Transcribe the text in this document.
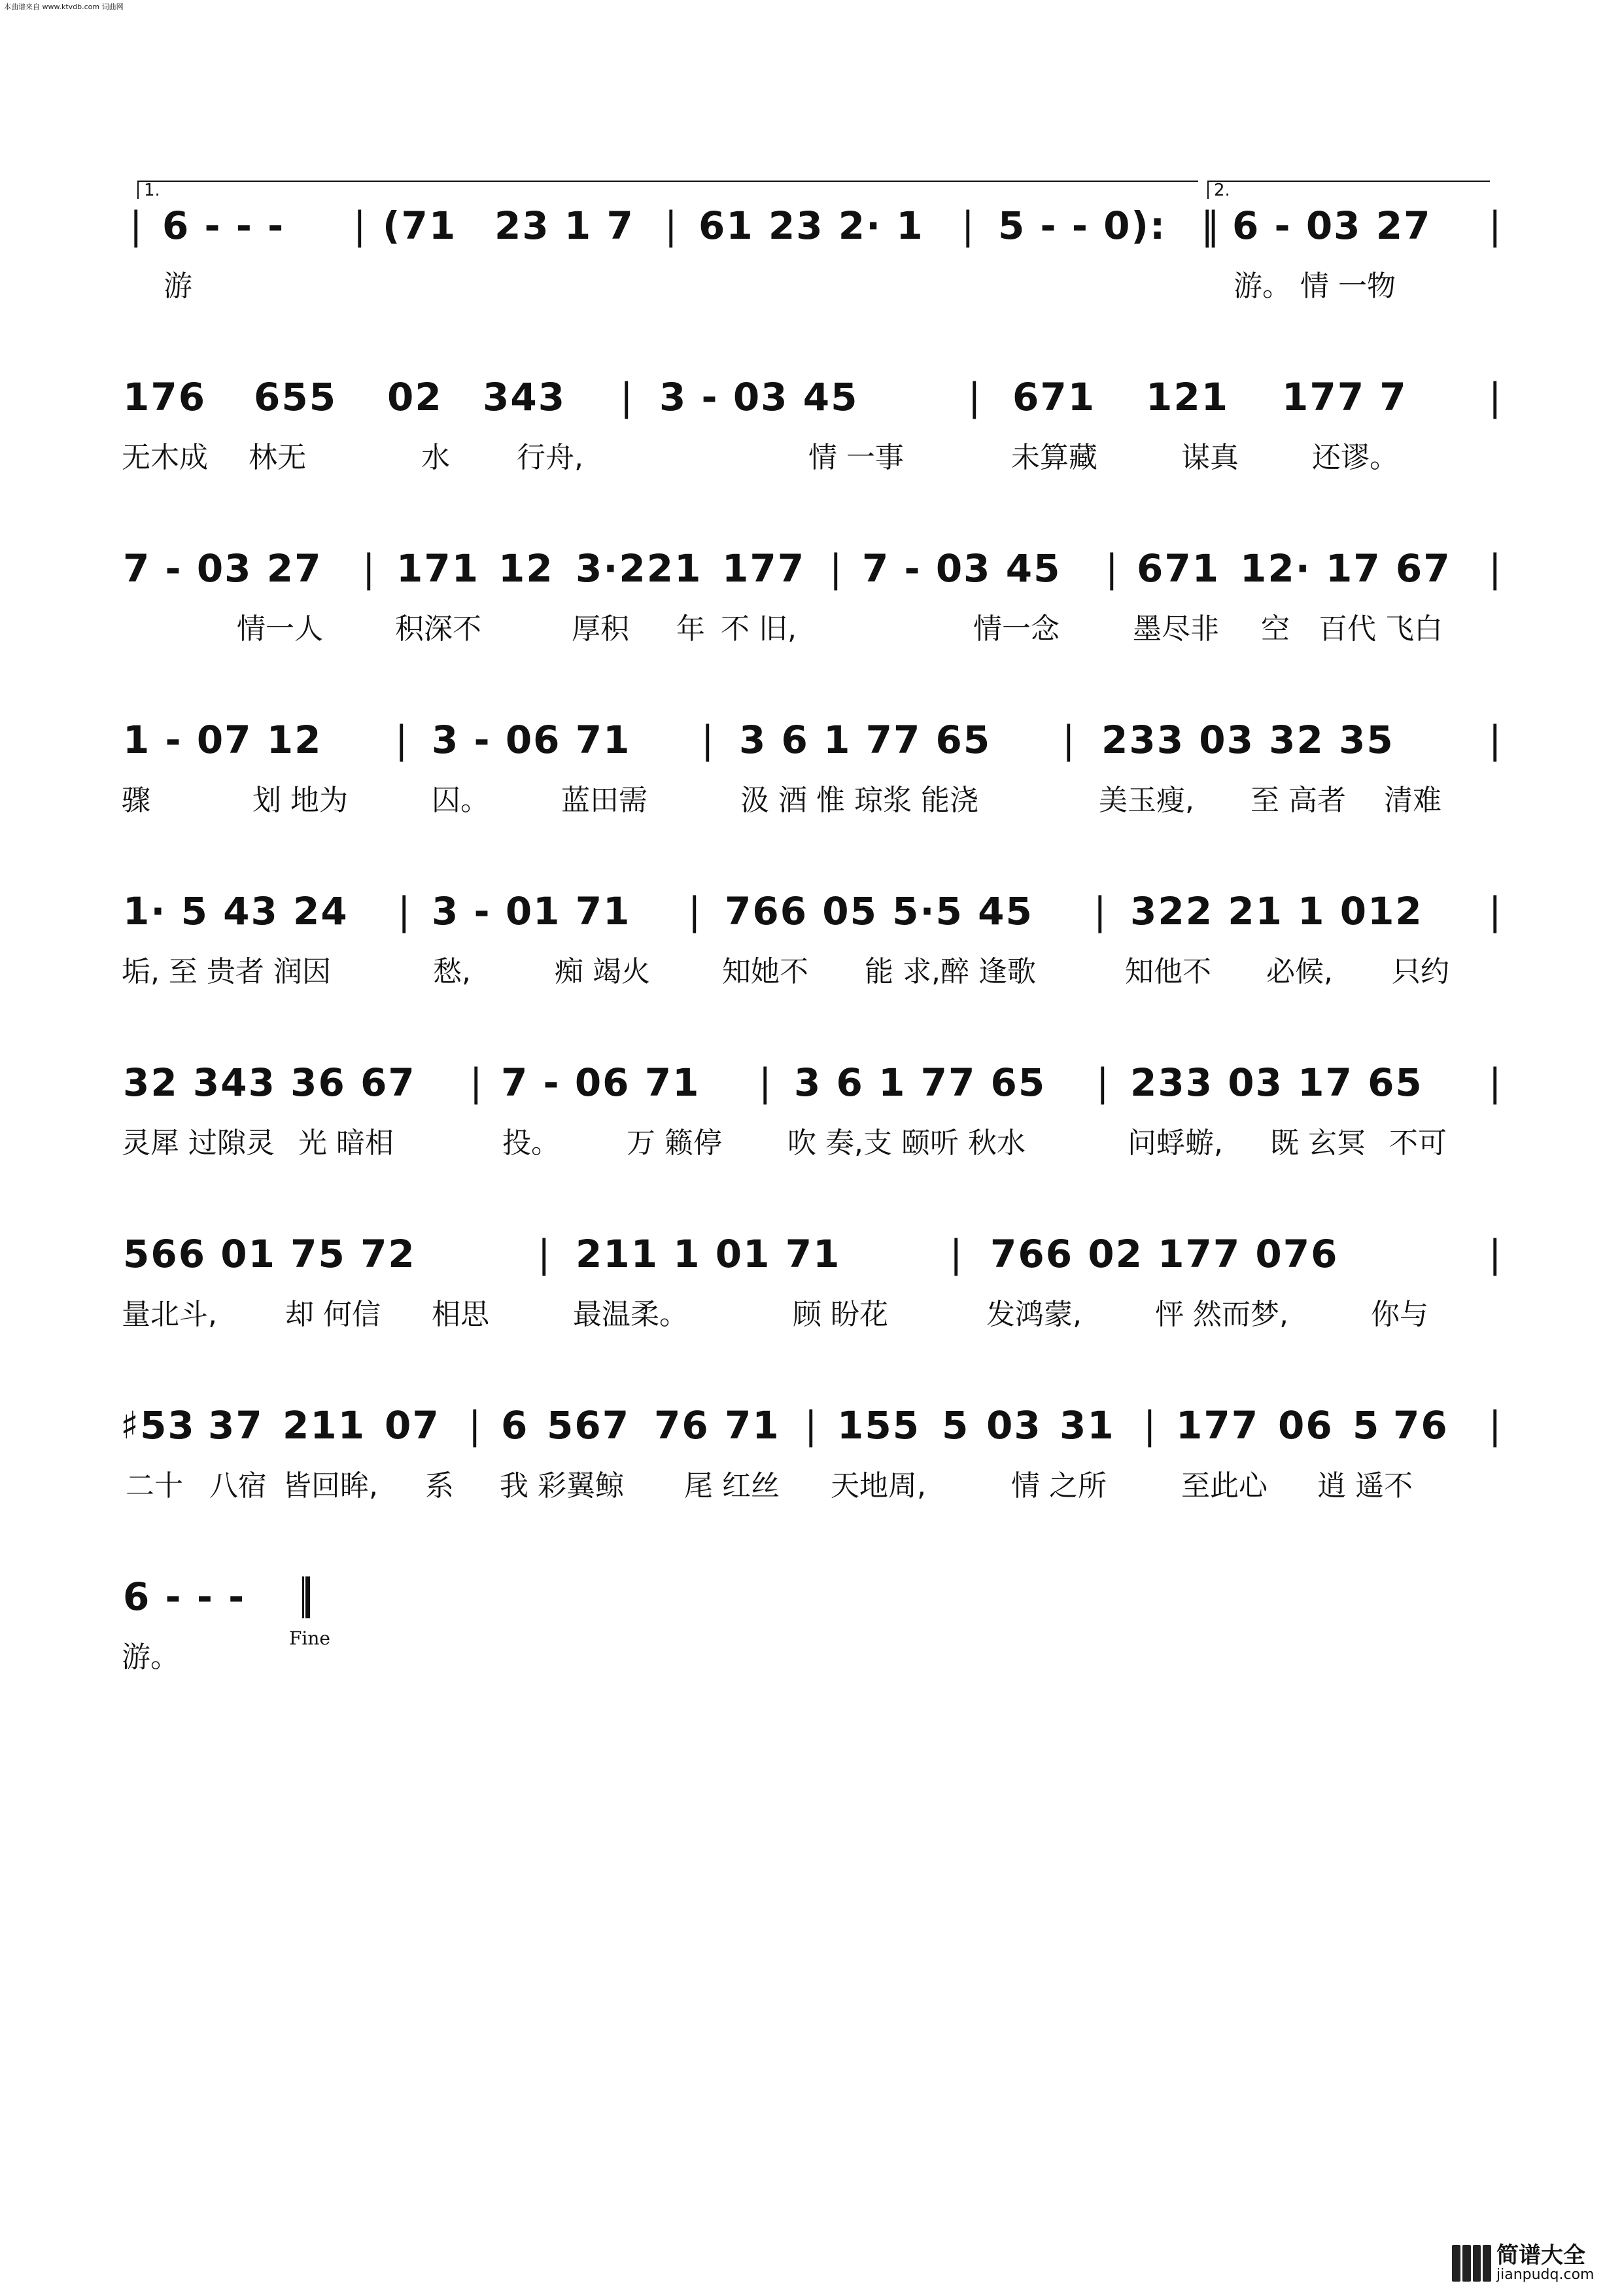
本曲谱来自 www.ktvdb.com 词曲网
1.	2.
| 6 - - - | (71 23 1 7 | 61 23 2· 1 | 5 - - 0): ‖ 6 - 03 27 |
游	游。 情 一物
176 655 02 343 | 3 - 03 45	| 671 121 177 7 |
无木成 林无	水 行舟,	情 一事	未算藏	谋真	还谬。
7 - 03 27 | 171 12 3·221 177 | 7 - 03 45 | 671 12· 17 67 |
情一人	积深不	厚积 年 不 旧,	情一念	墨尽非 空 百代 飞白
1 - 07 12 | 3 - 06 71 | 3 6 1 77 65 | 233 03 32 35 |
骤	划 地为	囚。	蓝田需	汲 酒 惟 琼浆 能浇	美玉瘦, 至 高者 清难
1· 5 43 24 | 3 - 01 71 | 766 05 5·5 45 | 322 21 1 012 |
垢, 至 贵者 润因	愁,	痴 竭火	知她不 能 求,醉 逢歌	知他不 必候, 只约
32 343 36 67 | 7 - 06 71 | 3 6 1 77 65 | 233 03 17 65 |
灵犀 过隙灵 光 暗相	投。 万 籁停 吹 奏,支 颐听 秋水	问蜉蝣, 既 玄冥 不可
566 01 75 72	| 211 1 01 71	| 766 02 177 076	|
量北斗, 却 何信 相思	最温柔。	顾 盼花	发鸿蒙,	怦 然而梦,	你与
♯53 37 211 07 | 6 567 76 71 | 155 5 03 31 | 177 06 5 76 |
二十 八宿 皆回眸, 系 我 彩翼鲸 尾 红丝 天地周,	情 之所	至此心 逍 遥不
6 - - -
Fine
游。
简谱大全
jianpudq.com
